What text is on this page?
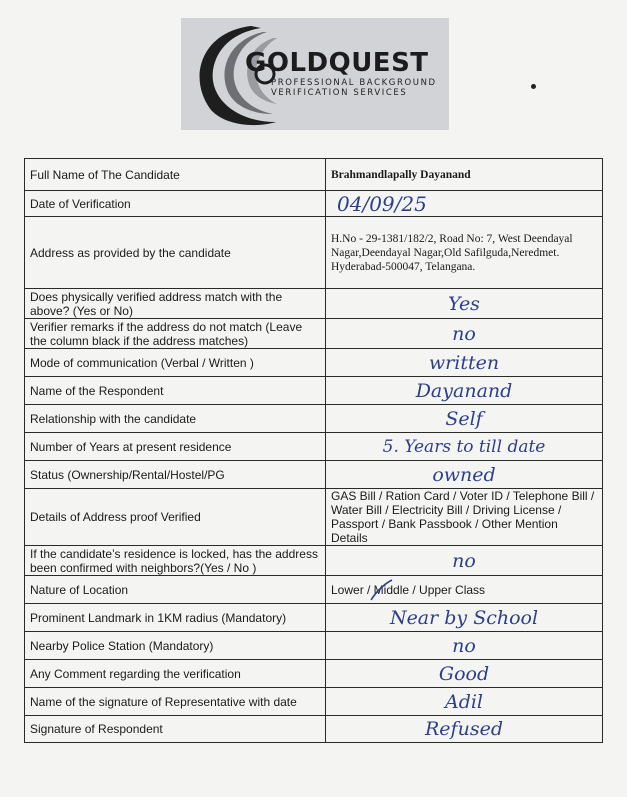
GOLDQUEST
PROFESSIONAL BACKGROUND
VERIFICATION SERVICES
Full Name of The Candidate	Brahmandlapally Dayanand
Date of Verification	04/09/25

Address as provided by the candidate	H.No - 29-1381/182/2, Road No: 7, West Deendayal
Nagar,Deendayal Nagar,Old Safilguda,Neredmet.
Hyderabad-500047, Telangana.

Does physically verified address match with the above? (Yes or No)	Yes

Verifier remarks if the address do not match (Leave the column black if the address matches)	no

Mode of communication (Verbal / Written )	written

Name of the Respondent	Dayanand

Relationship with the candidate	Self

Number of Years at present residence	5. Years to till date

Status (Ownership/Rental/Hostel/PG	owned

Details of Address proof Verified	GAS Bill / Ration Card / Voter ID / Telephone Bill /
Water Bill / Electricity Bill / Driving License /
Passport / Bank Passbook / Other Mention Details

If the candidate’s residence is locked, has the address been confirmed with neighbors?(Yes / No )	no

Nature of Location	Lower / Middle / Upper Class

Prominent Landmark in 1KM radius (Mandatory)	Near by School

Nearby Police Station (Mandatory)	no

Any Comment regarding the verification	Good

Name of the signature of Representative with date	Adil

Signature of Respondent	Refused
